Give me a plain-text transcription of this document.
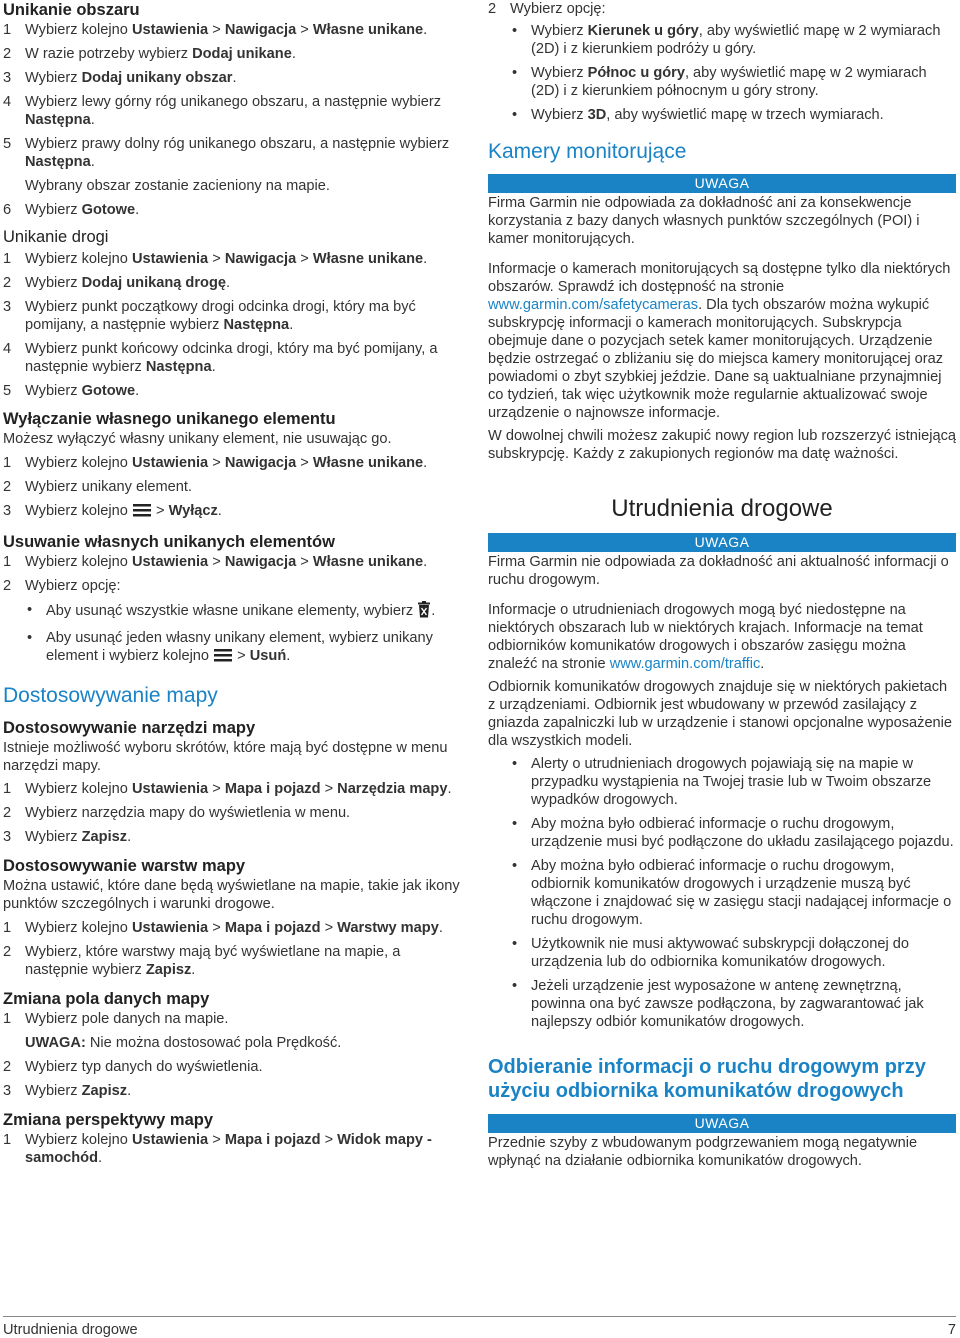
Unikanie obszaru
1 Wybierz kolejno Ustawienia > Nawigacja > Własne unikane.
2 W razie potrzeby wybierz Dodaj unikane.
3 Wybierz Dodaj unikany obszar.
4 Wybierz lewy górny róg unikanego obszaru, a następnie wybierz Następna.
5 Wybierz prawy dolny róg unikanego obszaru, a następnie wybierz Następna.
Wybrany obszar zostanie zacieniony na mapie.
6 Wybierz Gotowe.
Unikanie drogi
1 Wybierz kolejno Ustawienia > Nawigacja > Własne unikane.
2 Wybierz Dodaj unikaną drogę.
3 Wybierz punkt początkowy drogi odcinka drogi, który ma być pomijany, a następnie wybierz Następna.
4 Wybierz punkt końcowy odcinka drogi, który ma być pomijany, a następnie wybierz Następna.
5 Wybierz Gotowe.
Wyłączanie własnego unikanego elementu
Możesz wyłączyć własny unikany element, nie usuwając go.
1 Wybierz kolejno Ustawienia > Nawigacja > Własne unikane.
2 Wybierz unikany element.
3 Wybierz kolejno  > Wyłącz.
Usuwanie własnych unikanych elementów
1 Wybierz kolejno Ustawienia > Nawigacja > Własne unikane.
2 Wybierz opcję:
• Aby usunąć wszystkie własne unikane elementy, wybierz .
• Aby usunąć jeden własny unikany element, wybierz unikany element i wybierz kolejno  > Usuń.
Dostosowywanie mapy
Dostosowywanie narzędzi mapy
Istnieje możliwość wyboru skrótów, które mają być dostępne w menu narzędzi mapy.
1 Wybierz kolejno Ustawienia > Mapa i pojazd > Narzędzia mapy.
2 Wybierz narzędzia mapy do wyświetlenia w menu.
3 Wybierz Zapisz.
Dostosowywanie warstw mapy
Można ustawić, które dane będą wyświetlane na mapie, takie jak ikony punktów szczególnych i warunki drogowe.
1 Wybierz kolejno Ustawienia > Mapa i pojazd > Warstwy mapy.
2 Wybierz, które warstwy mają być wyświetlane na mapie, a następnie wybierz Zapisz.
Zmiana pola danych mapy
1 Wybierz pole danych na mapie.
UWAGA: Nie można dostosować pola Prędkość.
2 Wybierz typ danych do wyświetlenia.
3 Wybierz Zapisz.
Zmiana perspektywy mapy
1 Wybierz kolejno Ustawienia > Mapa i pojazd > Widok mapy - samochód.
2 Wybierz opcję:
• Wybierz Kierunek u góry, aby wyświetlić mapę w 2 wymiarach (2D) i z kierunkiem podróży u góry.
• Wybierz Północ u góry, aby wyświetlić mapę w 2 wymiarach (2D) i z kierunkiem północnym u góry strony.
• Wybierz 3D, aby wyświetlić mapę w trzech wymiarach.
Kamery monitorujące
UWAGA
Firma Garmin nie odpowiada za dokładność ani za konsekwencje korzystania z bazy danych własnych punktów szczególnych (POI) i kamer monitorujących.
Informacje o kamerach monitorujących są dostępne tylko dla niektórych obszarów. Sprawdź ich dostępność na stronie www.garmin.com/safetycameras. Dla tych obszarów można wykupić subskrypcję informacji o kamerach monitorujących. Subskrypcja obejmuje dane o pozycjach setek kamer monitorujących. Urządzenie będzie ostrzegać o zbliżaniu się do miejsca kamery monitorującej oraz powiadomi o zbyt szybkiej jeździe. Dane są uaktualniane przynajmniej co tydzień, tak więc użytkownik może regularnie aktualizować swoje urządzenie o najnowsze informacje.
W dowolnej chwili możesz zakupić nowy region lub rozszerzyć istniejącą subskrypcję. Każdy z zakupionych regionów ma datę ważności.
Utrudnienia drogowe
UWAGA
Firma Garmin nie odpowiada za dokładność ani aktualność informacji o ruchu drogowym.
Informacje o utrudnieniach drogowych mogą być niedostępne na niektórych obszarach lub w niektórych krajach. Informacje na temat odbiorników komunikatów drogowych i obszarów zasięgu można znaleźć na stronie www.garmin.com/traffic.
Odbiornik komunikatów drogowych znajduje się w niektórych pakietach z urządzeniami. Odbiornik jest wbudowany w przewód zasilający z gniazda zapalniczki lub w urządzenie i stanowi opcjonalne wyposażenie dla wszystkich modeli.
• Alerty o utrudnieniach drogowych pojawiają się na mapie w przypadku wystąpienia na Twojej trasie lub w Twoim obszarze wypadków drogowych.
• Aby można było odbierać informacje o ruchu drogowym, urządzenie musi być podłączone do układu zasilającego pojazdu.
• Aby można było odbierać informacje o ruchu drogowym, odbiornik komunikatów drogowych i urządzenie muszą być włączone i znajdować się w zasięgu stacji nadającej informacje o ruchu drogowym.
• Użytkownik nie musi aktywować subskrypcji dołączonej do urządzenia lub do odbiornika komunikatów drogowych.
• Jeżeli urządzenie jest wyposażone w antenę zewnętrzną, powinna ona być zawsze podłączona, by zagwarantować jak najlepszy odbiór komunikatów drogowych.
Odbieranie informacji o ruchu drogowym przy użyciu odbiornika komunikatów drogowych
UWAGA
Przednie szyby z wbudowanym podgrzewaniem mogą negatywnie wpłynąć na działanie odbiornika komunikatów drogowych.
Utrudnienia drogowe	7
